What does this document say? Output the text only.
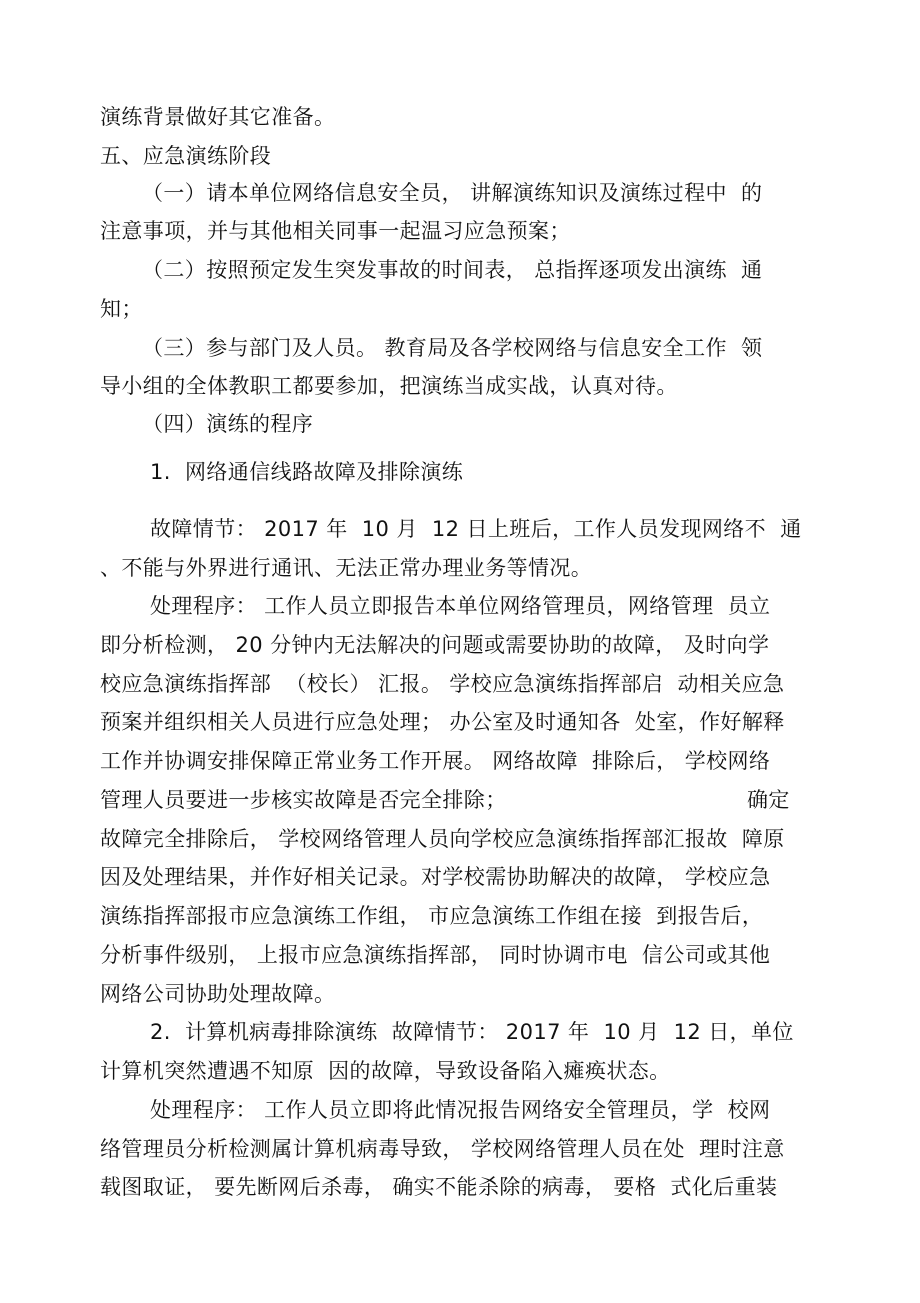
演练背景做好其它准备。

五、应急演练阶段

（一）请本单位网络信息安全员， 讲解演练知识及演练过程中  的

注意事项，并与其他相关同事一起温习应急预案；

（二）按照预定发生突发事故的时间表， 总指挥逐项发出演练  通

知；

（三）参与部门及人员。 教育局及各学校网络与信息安全工作  领

导小组的全体教职工都要参加，把演练当成实战，认真对待。

（四）演练的程序

1.  网络通信线路故障及排除演练

故障情节： 2017 年  10 月  12 日上班后，工作人员发现网络不  通

、不能与外界进行通讯、无法正常办理业务等情况。

处理程序： 工作人员立即报告本单位网络管理员，网络管理  员立

即分析检测， 20 分钟内无法解决的问题或需要协助的故障， 及时向学

校应急演练指挥部  （校长） 汇报。 学校应急演练指挥部启  动相关应急

预案并组织相关人员进行应急处理； 办公室及时通知各  处室，作好解释

工作并协调安排保障正常业务工作开展。 网络故障  排除后， 学校网络

管理人员要进一步核实故障是否完全排除；	确定

故障完全排除后， 学校网络管理人员向学校应急演练指挥部汇报故  障原

因及处理结果，并作好相关记录。对学校需协助解决的故障， 学校应急

演练指挥部报市应急演练工作组， 市应急演练工作组在接  到报告后，

分析事件级别， 上报市应急演练指挥部， 同时协调市电  信公司或其他

网络公司协助处理故障。

2.  计算机病毒排除演练  故障情节： 2017 年  10 月  12 日，单位

计算机突然遭遇不知原  因的故障，导致设备陷入瘫痪状态。

处理程序： 工作人员立即将此情况报告网络安全管理员，学  校网

络管理员分析检测属计算机病毒导致， 学校网络管理人员在处  理时注意

载图取证， 要先断网后杀毒， 确实不能杀除的病毒， 要格  式化后重装
